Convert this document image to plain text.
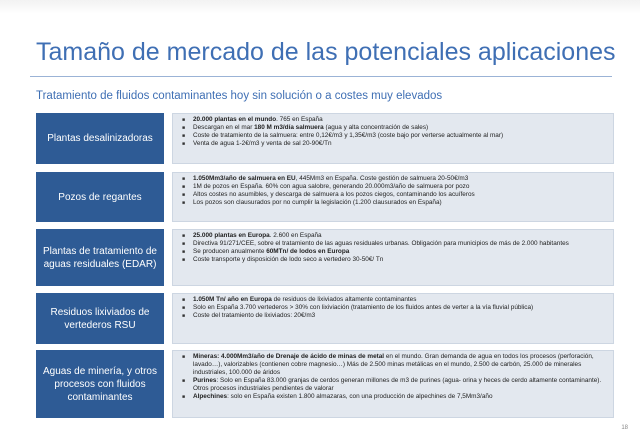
Tamaño de mercado de las potenciales aplicaciones
Tratamiento de fluidos contaminantes hoy sin solución o a costes muy elevados
Plantas desalinizadoras
■ 20.000 plantas en el mundo. 765 en España
■ Descargan en el mar 180 M m3/día salmuera (agua y alta concentración de sales)
■ Coste de tratamiento de la salmuera: entre 0,12€/m3 y 1,35€/m3 (coste bajo por verterse actualmente al mar)
■ Venta de agua 1-2€/m3 y venta de sal 20-90€/Tn
Pozos de regantes
■ 1.050Mm3/año de salmuera en EU, 445Mm3 en España. Coste gestión de salmuera 20-50€/m3
■ 1M de pozos en España. 60% con agua salobre, generando 20.000m3/año de salmuera por pozo
■ Altos costes no asumibles, y descarga de salmuera a los pozos ciegos, contaminando los acuíferos
■ Los pozos son clausurados por no cumplir la legislación (1.200 clausurados en España)
Plantas de tratamiento de aguas residuales (EDAR)
■ 25.000 plantas en Europa. 2.600 en España
■ Directiva 91/271/CEE, sobre el tratamiento de las aguas residuales urbanas. Obligación para municipios de más de 2.000 habitantes
■ Se producen anualmente 60MTn/ de lodos en Europa
■ Coste transporte y disposición de lodo seco a vertedero 30-50€/ Tn
Residuos lixiviados de vertederos RSU
■ 1.050M Tn/ año en Europa de residuos de lixiviados altamente contaminantes
■ Solo en España 3.700 vertederos > 30% con lixiviación (tratamiento de los fluidos antes de verter a la vía fluvial pública)
■ Coste del tratamiento de lixiviados: 20€/m3
Aguas de minería, y otros procesos con fluidos contaminantes
■ Mineras: 4.000Mm3/año de Drenaje de ácido de minas de metal en el mundo. Gran demanda de agua en todos los procesos (perforación, lavado…), valorizables (contienen cobre magnesio…) Más de 2.500 minas metálicas en el mundo, 2.500 de carbón, 25.000 de minerales industriales, 100.000 de áridos
■ Purines: Solo en España 83.000 granjas de cerdos generan millones de m3 de purines (agua- orina y heces de cerdo altamente contaminante). Otros procesos industriales pendientes de valorar
■ Alpechines: solo en España existen 1.800 almazaras, con una producción de alpechines de 7,5Mm3/año
18
